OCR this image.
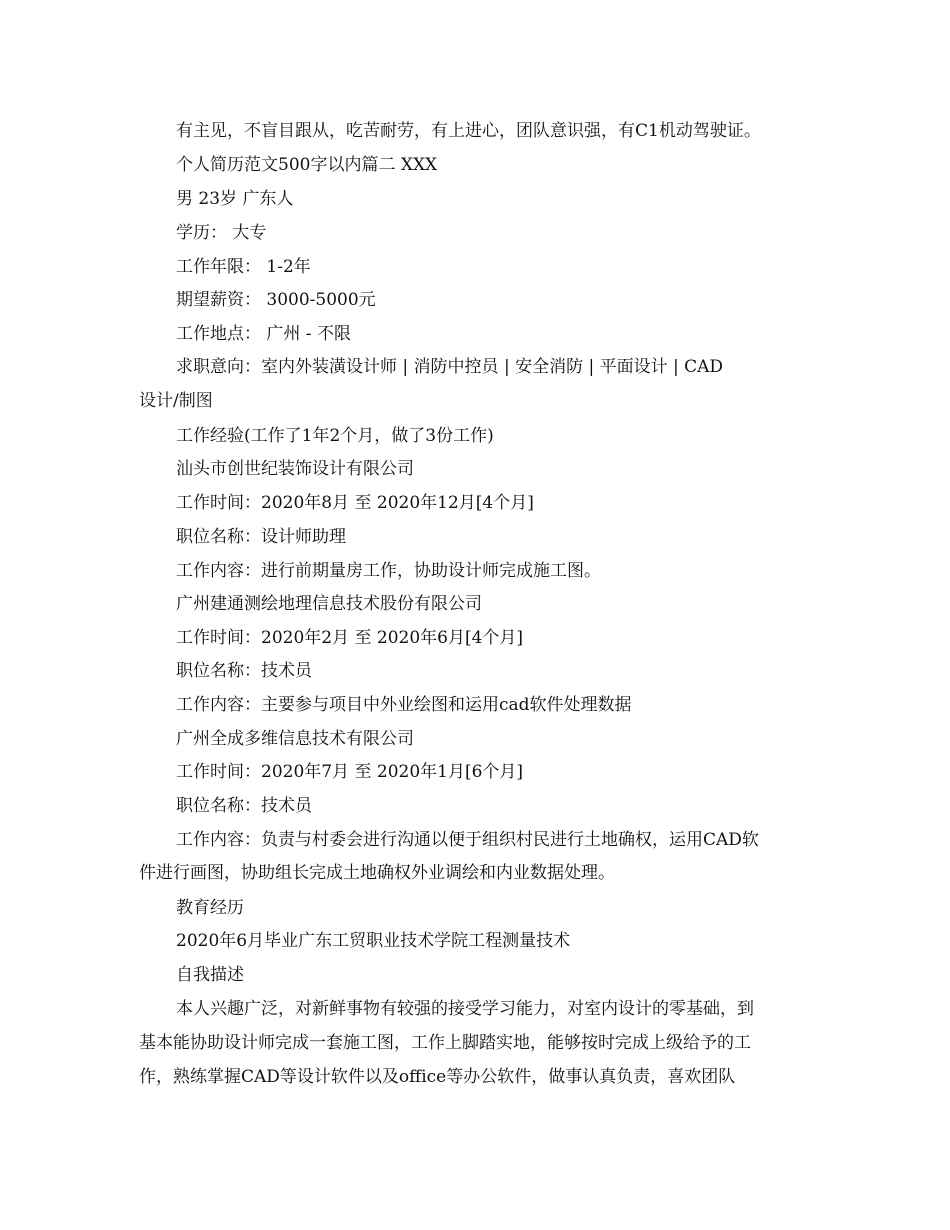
有主见，不盲目跟从，吃苦耐劳，有上进心，团队意识强，有C1机动驾驶证。
个人简历范文500字以内篇二 XXX
男 23岁 广东人
学历： 大专
工作年限： 1-2年
期望薪资： 3000-5000元
工作地点： 广州 - 不限
求职意向：室内外装潢设计师 | 消防中控员 | 安全消防 | 平面设计 | CAD
设计/制图
工作经验(工作了1年2个月，做了3份工作)
汕头市创世纪装饰设计有限公司
工作时间：2020年8月 至 2020年12月[4个月]
职位名称：设计师助理
工作内容：进行前期量房工作，协助设计师完成施工图。
广州建通测绘地理信息技术股份有限公司
工作时间：2020年2月 至 2020年6月[4个月]
职位名称：技术员
工作内容：主要参与项目中外业绘图和运用cad软件处理数据
广州全成多维信息技术有限公司
工作时间：2020年7月 至 2020年1月[6个月]
职位名称：技术员
工作内容：负责与村委会进行沟通以便于组织村民进行土地确权，运用CAD软
件进行画图，协助组长完成土地确权外业调绘和内业数据处理。
教育经历
2020年6月毕业广东工贸职业技术学院工程测量技术
自我描述
本人兴趣广泛，对新鲜事物有较强的接受学习能力，对室内设计的零基础，到
基本能协助设计师完成一套施工图，工作上脚踏实地，能够按时完成上级给予的工
作，熟练掌握CAD等设计软件以及office等办公软件，做事认真负责，喜欢团队
